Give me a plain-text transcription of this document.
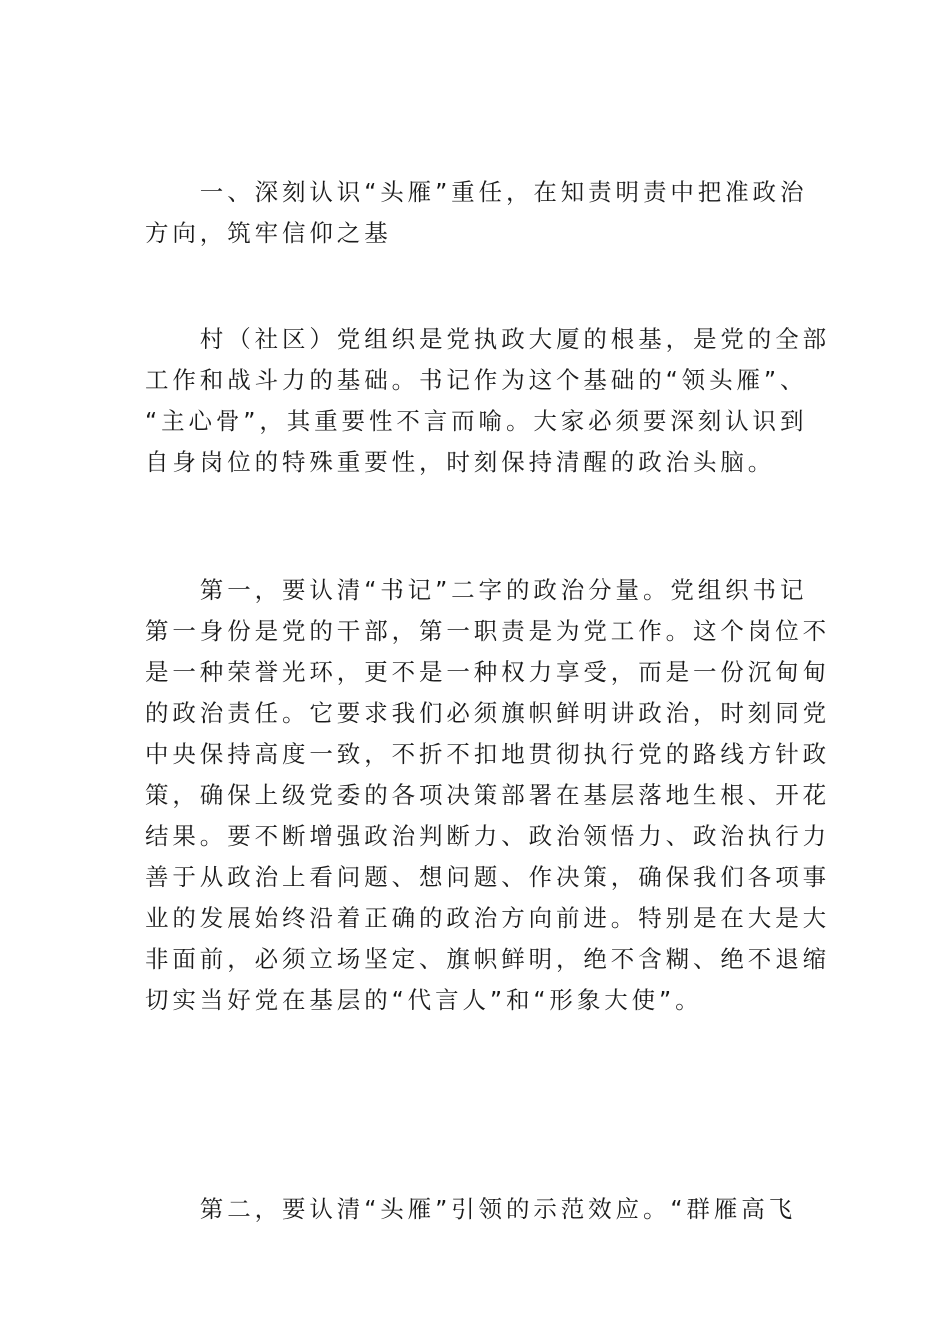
　　一、深刻认识“头雁”重任，在知责明责中把准政治
方向，筑牢信仰之基
　　村（社区）党组织是党执政大厦的根基，是党的全部
工作和战斗力的基础。书记作为这个基础的“领头雁”、
“主心骨”，其重要性不言而喻。大家必须要深刻认识到
自身岗位的特殊重要性，时刻保持清醒的政治头脑。
　　第一，要认清“书记”二字的政治分量。党组织书记
第一身份是党的干部，第一职责是为党工作。这个岗位不
是一种荣誉光环，更不是一种权力享受，而是一份沉甸甸
的政治责任。它要求我们必须旗帜鲜明讲政治，时刻同党
中央保持高度一致，不折不扣地贯彻执行党的路线方针政
策，确保上级党委的各项决策部署在基层落地生根、开花
结果。要不断增强政治判断力、政治领悟力、政治执行力
善于从政治上看问题、想问题、作决策，确保我们各项事
业的发展始终沿着正确的政治方向前进。特别是在大是大
非面前，必须立场坚定、旗帜鲜明，绝不含糊、绝不退缩
切实当好党在基层的“代言人”和“形象大使”。
　　第二，要认清“头雁”引领的示范效应。“群雁高飞
